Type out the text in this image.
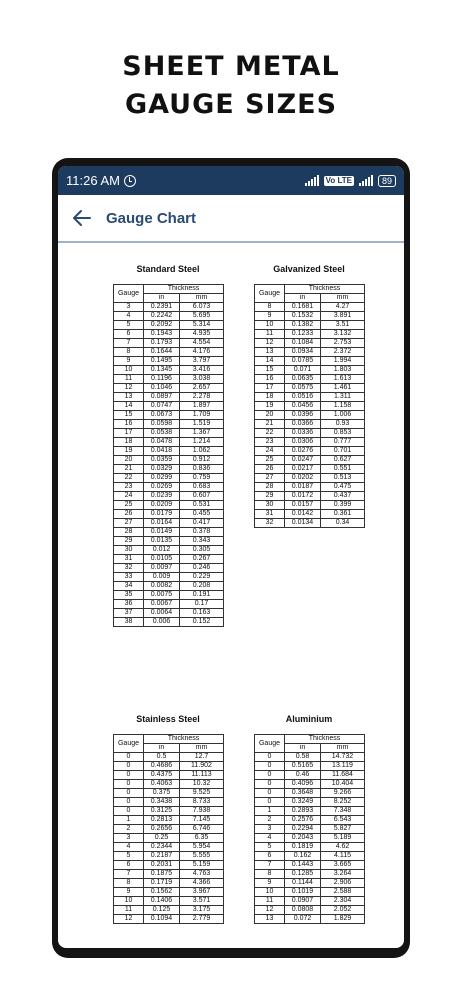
SHEET METAL
GAUGE SIZES
11:26 AM	Vo LTE	89
Gauge Chart
Standard Steel
Gauge	Thickness	
	in	mm
3	0.2391	6.073
4	0.2242	5.695
5	0.2092	5.314
6	0.1943	4.935
7	0.1793	4.554
8	0.1644	4.176
9	0.1495	3.797
10	0.1345	3.416
11	0.1196	3.038
12	0.1046	2.657
13	0.0897	2.278
14	0.0747	1.897
15	0.0673	1.709
16	0.0598	1.519
17	0.0538	1.367
18	0.0478	1.214
19	0.0418	1.062
20	0.0359	0.912
21	0.0329	0.836
22	0.0299	0.759
23	0.0269	0.683
24	0.0239	0.607
25	0.0209	0.531
26	0.0179	0.455
27	0.0164	0.417
28	0.0149	0.378
29	0.0135	0.343
30	0.012	0.305
31	0.0105	0.267
32	0.0097	0.246
33	0.009	0.229
34	0.0082	0.208
35	0.0075	0.191
36	0.0067	0.17
37	0.0064	0.163
38	0.006	0.152
Galvanized Steel
Gauge	Thickness	
	in	mm
8	0.1681	4.27
9	0.1532	3.891
10	0.1382	3.51
11	0.1233	3.132
12	0.1084	2.753
13	0.0934	2.372
14	0.0785	1.994
15	0.071	1.803
16	0.0635	1.613
17	0.0575	1.461
18	0.0516	1.311
19	0.0456	1.158
20	0.0396	1.006
21	0.0366	0.93
22	0.0336	0.853
23	0.0306	0.777
24	0.0276	0.701
25	0.0247	0.627
26	0.0217	0.551
27	0.0202	0.513
28	0.0187	0.475
29	0.0172	0.437
30	0.0157	0.399
31	0.0142	0.361
32	0.0134	0.34
Stainless Steel
Gauge	Thickness	
	in	mm
0	0.5	12.7
0	0.4686	11.902
0	0.4375	11.113
0	0.4063	10.32
0	0.375	9.525
0	0.3438	8.733
0	0.3125	7.938
1	0.2813	7.145
2	0.2656	6.746
3	0.25	6.35
4	0.2344	5.954
5	0.2187	5.555
6	0.2031	5.159
7	0.1875	4.763
8	0.1719	4.366
9	0.1562	3.967
10	0.1406	3.571
11	0.125	3.175
12	0.1094	2.779
Aluminium
Gauge	Thickness	
	in	mm
0	0.58	14.732
0	0.5165	13.119
0	0.46	11.684
0	0.4096	10.404
0	0.3648	9.266
0	0.3249	8.252
1	0.2893	7.348
2	0.2576	6.543
3	0.2294	5.827
4	0.2043	5.189
5	0.1819	4.62
6	0.162	4.115
7	0.1443	3.665
8	0.1285	3.264
9	0.1144	2.906
10	0.1019	2.588
11	0.0907	2.304
12	0.0808	2.052
13	0.072	1.829
